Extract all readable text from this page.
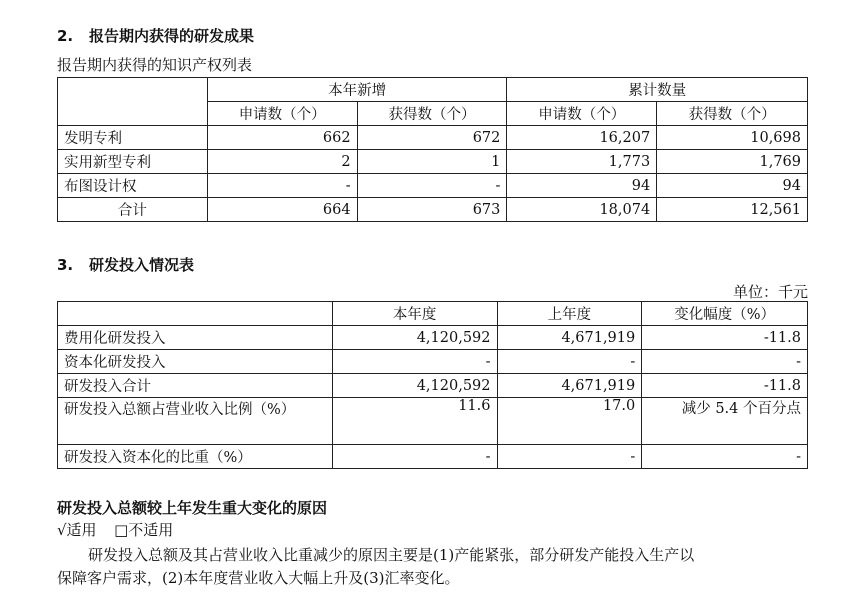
2. 报告期内获得的研发成果
报告期内获得的知识产权列表
	本年新增		累计数量	
	申请数（个）	获得数（个）	申请数（个）	获得数（个）
发明专利	662	672	16,207	10,698
实用新型专利	2	1	1,773	1,769
布图设计权	-	-	94	94
合计	664	673	18,074	12,561
3. 研发投入情况表
单位：千元
	本年度	上年度	变化幅度（%）
费用化研发投入	4,120,592	4,671,919	-11.8
资本化研发投入	-	-	-
研发投入合计	4,120,592	4,671,919	-11.8
研发投入总额占营业收入比例（%）	11.6	17.0	减少 5.4 个百分点
研发投入资本化的比重（%）	-	-	-
研发投入总额较上年发生重大变化的原因
√适用 □不适用
研发投入总额及其占营业收入比重减少的原因主要是(1)产能紧张，部分研发产能投入生产以
保障客户需求，(2)本年度营业收入大幅上升及(3)汇率变化。
